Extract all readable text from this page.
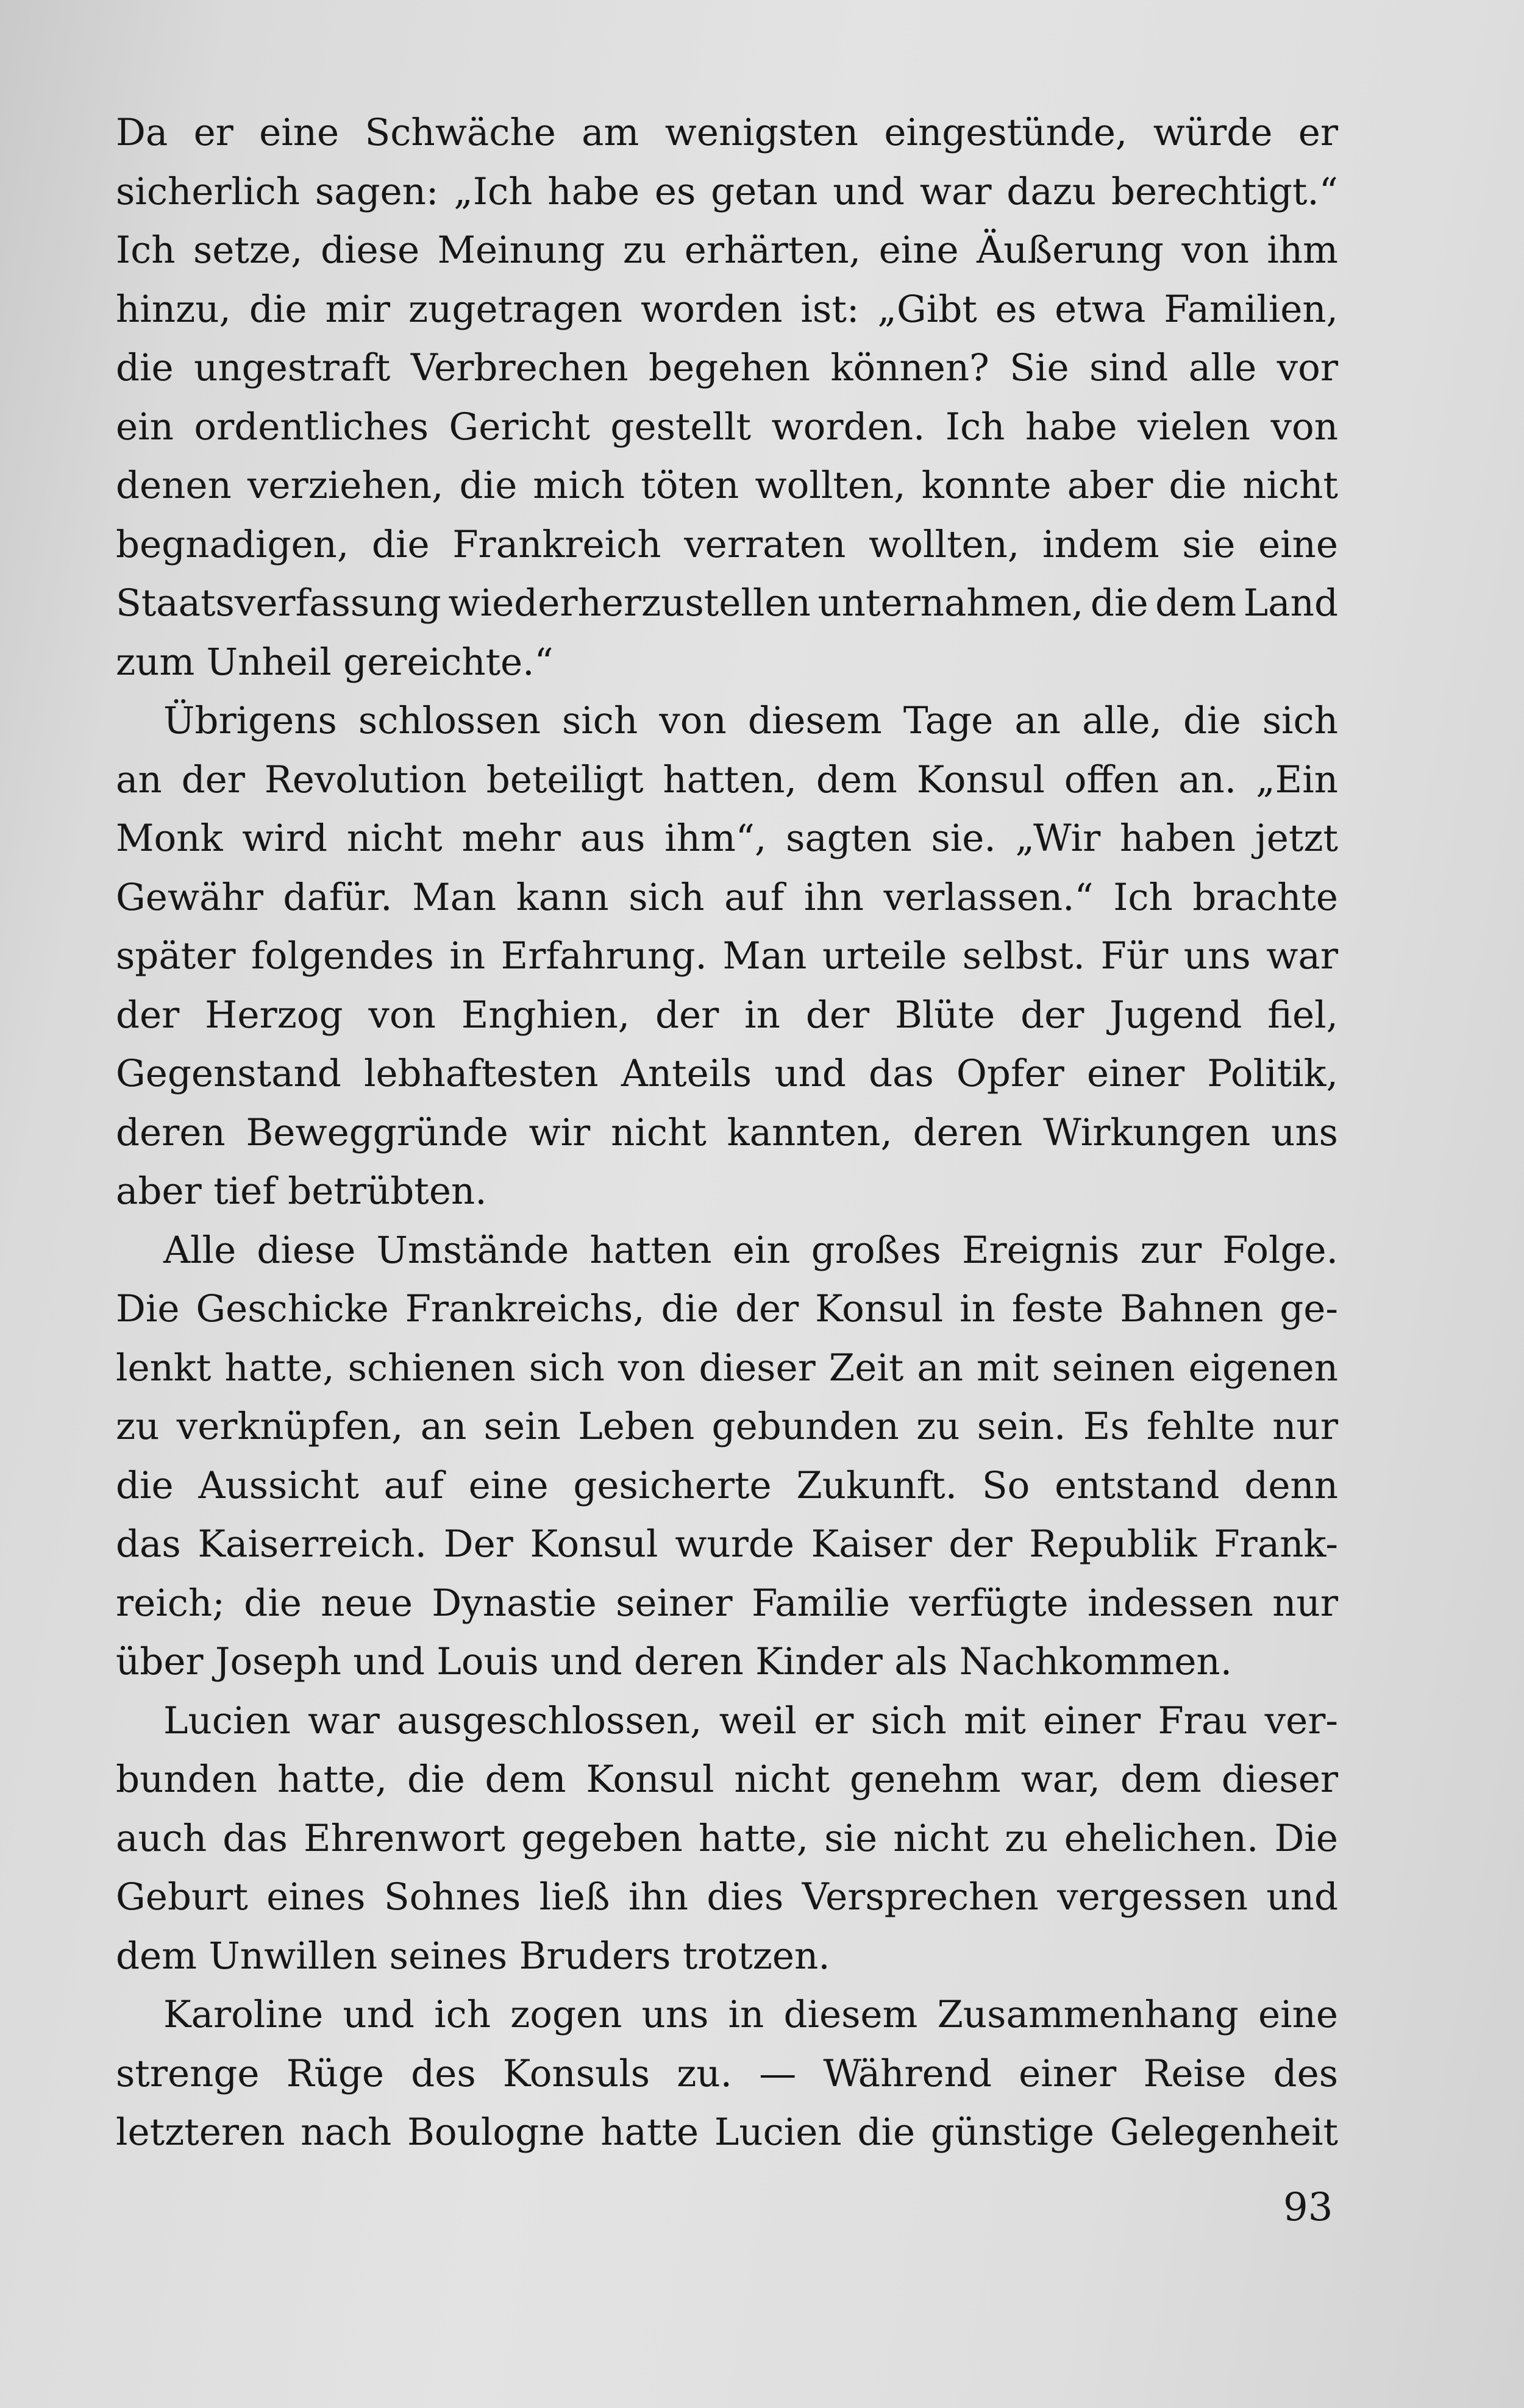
Da er eine Schwäche am wenigsten eingestünde, würde er
sicherlich sagen: „Ich habe es getan und war dazu berechtigt.“
Ich setze, diese Meinung zu erhärten, eine Äußerung von ihm
hinzu, die mir zugetragen worden ist: „Gibt es etwa Familien,
die ungestraft Verbrechen begehen können? Sie sind alle vor
ein ordentliches Gericht gestellt worden. Ich habe vielen von
denen verziehen, die mich töten wollten, konnte aber die nicht
begnadigen, die Frankreich verraten wollten, indem sie eine
Staatsverfassung wiederherzustellen unternahmen, die dem Land
zum Unheil gereichte.“
Übrigens schlossen sich von diesem Tage an alle, die sich
an der Revolution beteiligt hatten, dem Konsul offen an. „Ein
Monk wird nicht mehr aus ihm“, sagten sie. „Wir haben jetzt
Gewähr dafür. Man kann sich auf ihn verlassen.“ Ich brachte
später folgendes in Erfahrung. Man urteile selbst. Für uns war
der Herzog von Enghien, der in der Blüte der Jugend fiel,
Gegenstand lebhaftesten Anteils und das Opfer einer Politik,
deren Beweggründe wir nicht kannten, deren Wirkungen uns
aber tief betrübten.
Alle diese Umstände hatten ein großes Ereignis zur Folge.
Die Geschicke Frankreichs, die der Konsul in feste Bahnen ge-
lenkt hatte, schienen sich von dieser Zeit an mit seinen eigenen
zu verknüpfen, an sein Leben gebunden zu sein. Es fehlte nur
die Aussicht auf eine gesicherte Zukunft. So entstand denn
das Kaiserreich. Der Konsul wurde Kaiser der Republik Frank-
reich; die neue Dynastie seiner Familie verfügte indessen nur
über Joseph und Louis und deren Kinder als Nachkommen.
Lucien war ausgeschlossen, weil er sich mit einer Frau ver-
bunden hatte, die dem Konsul nicht genehm war, dem dieser
auch das Ehrenwort gegeben hatte, sie nicht zu ehelichen. Die
Geburt eines Sohnes ließ ihn dies Versprechen vergessen und
dem Unwillen seines Bruders trotzen.
Karoline und ich zogen uns in diesem Zusammenhang eine
strenge Rüge des Konsuls zu. — Während einer Reise des
letzteren nach Boulogne hatte Lucien die günstige Gelegenheit
93
